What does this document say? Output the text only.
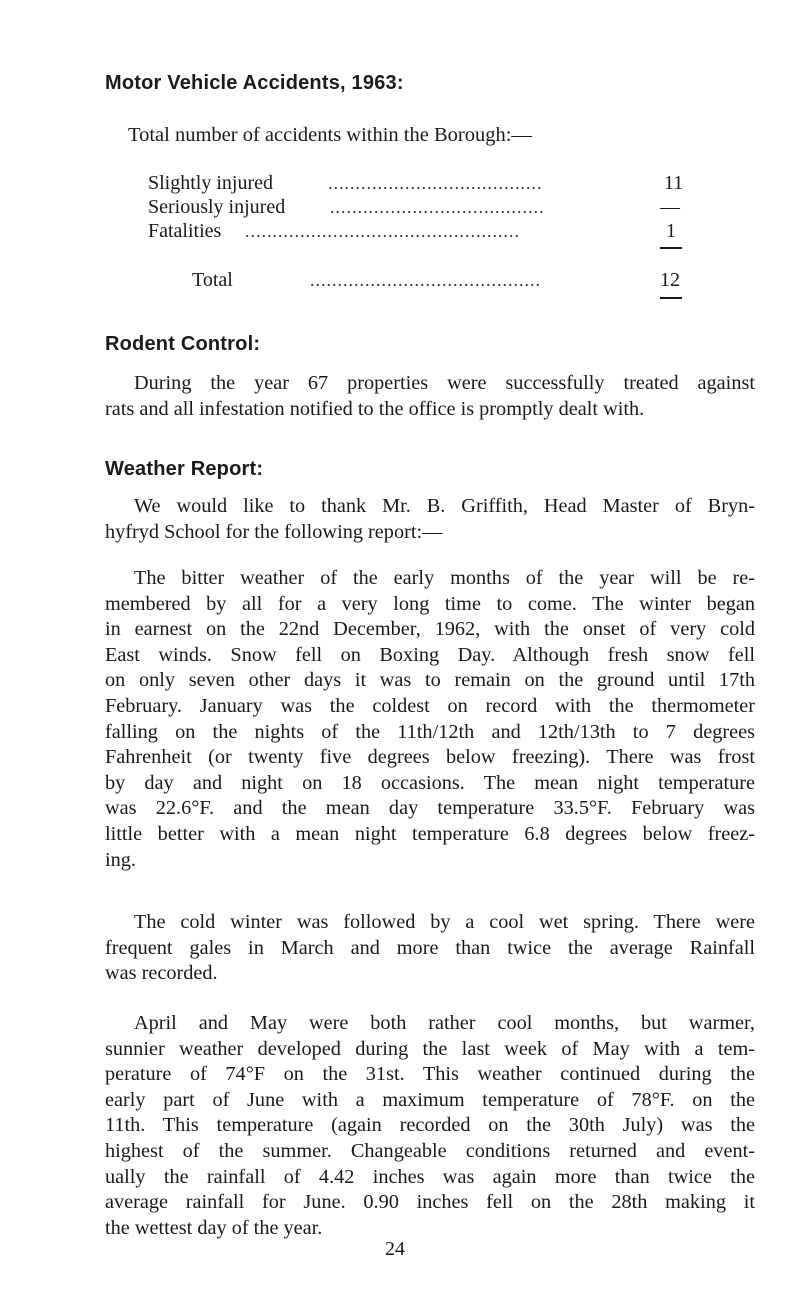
Motor Vehicle Accidents, 1963:
Total number of accidents within the Borough:—
Slightly injured	.......................................	11
Seriously injured .......................................	—
Fatalities ..................................................	1
Total	..........................................	12
Rodent Control:
During the year 67 properties were successfully treated against
rats and all infestation notified to the office is promptly dealt with.
Weather Report:
We would like to thank Mr. B. Griffith, Head Master of Bryn-
hyfryd School for the following report:—
The bitter weather of the early months of the year will be re-
membered by all for a very long time to come. The winter began
in earnest on the 22nd December, 1962, with the onset of very cold
East winds. Snow fell on Boxing Day. Although fresh snow fell
on only seven other days it was to remain on the ground until 17th
February. January was the coldest on record with the thermometer
falling on the nights of the 11th/12th and 12th/13th to 7 degrees
Fahrenheit (or twenty five degrees below freezing). There was frost
by day and night on 18 occasions. The mean night temperature
was 22.6°F. and the mean day temperature 33.5°F. February was
little better with a mean night temperature 6.8 degrees below freez-
ing.
The cold winter was followed by a cool wet spring. There were
frequent gales in March and more than twice the average Rainfall
was recorded.
April and May were both rather cool months, but warmer,
sunnier weather developed during the last week of May with a tem-
perature of 74°F on the 31st. This weather continued during the
early part of June with a maximum temperature of 78°F. on the
11th. This temperature (again recorded on the 30th July) was the
highest of the summer. Changeable conditions returned and event-
ually the rainfall of 4.42 inches was again more than twice the
average rainfall for June. 0.90 inches fell on the 28th making it
the wettest day of the year.
24
